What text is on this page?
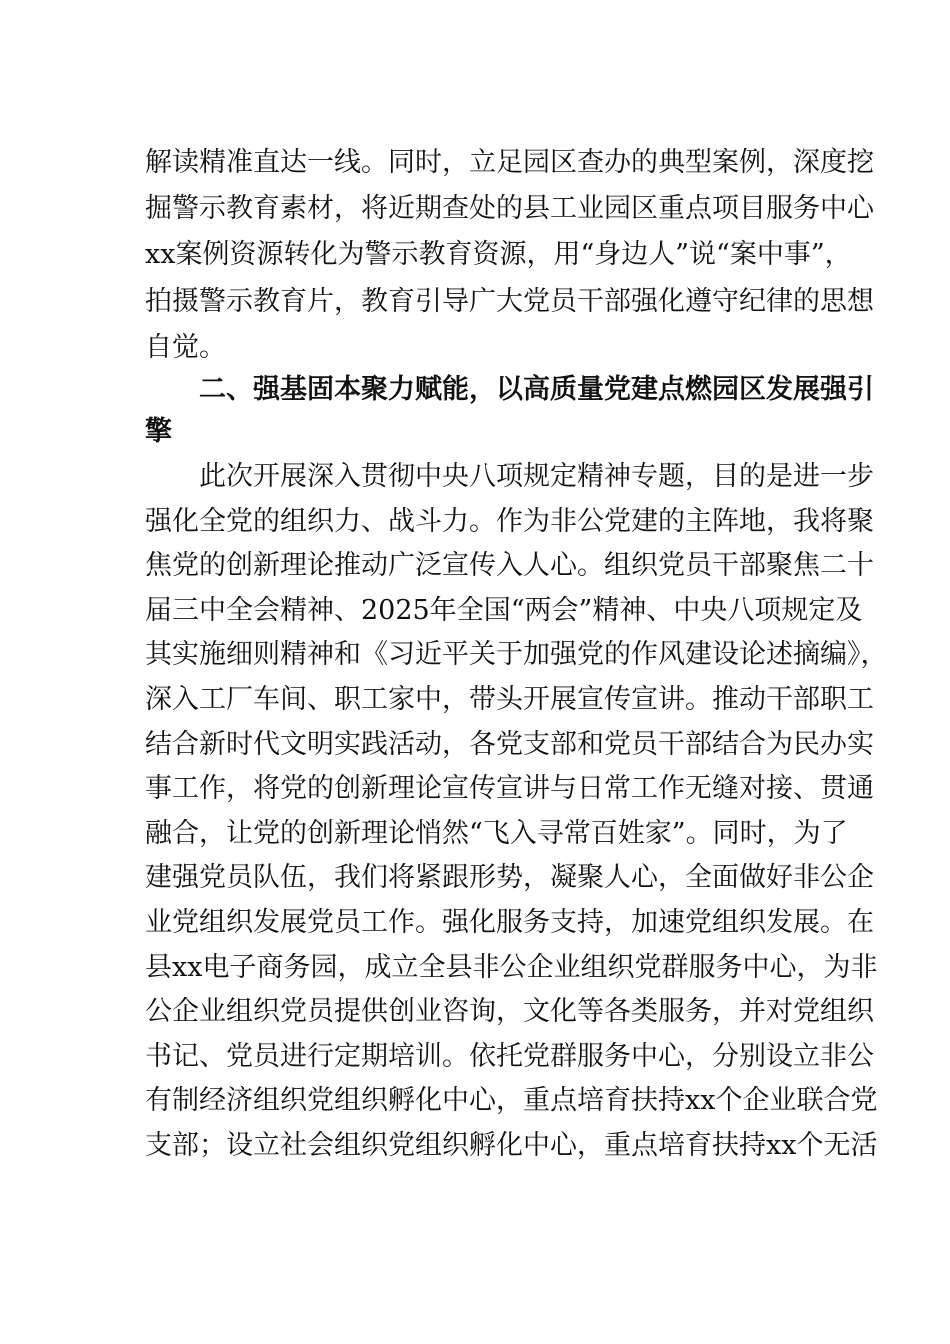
解读精准直达一线。同时，立足园区查办的典型案例，深度挖
掘警示教育素材，将近期查处的县工业园区重点项目服务中心
xx案例资源转化为警示教育资源，用“身边人”说“案中事”，
拍摄警示教育片，教育引导广大党员干部强化遵守纪律的思想
自觉。
二、强基固本聚力赋能，以高质量党建点燃园区发展强引
擎
此次开展深入贯彻中央八项规定精神专题，目的是进一步
强化全党的组织力、战斗力。作为非公党建的主阵地，我将聚
焦党的创新理论推动广泛宣传入人心。组织党员干部聚焦二十
届三中全会精神、2025年全国“两会”精神、中央八项规定及
其实施细则精神和《习近平关于加强党的作风建设论述摘编》，
深入工厂车间、职工家中，带头开展宣传宣讲。推动干部职工
结合新时代文明实践活动，各党支部和党员干部结合为民办实
事工作，将党的创新理论宣传宣讲与日常工作无缝对接、贯通
融合，让党的创新理论悄然“飞入寻常百姓家”。同时，为了
建强党员队伍，我们将紧跟形势，凝聚人心，全面做好非公企
业党组织发展党员工作。强化服务支持，加速党组织发展。在
县xx电子商务园，成立全县非公企业组织党群服务中心，为非
公企业组织党员提供创业咨询，文化等各类服务，并对党组织
书记、党员进行定期培训。依托党群服务中心，分别设立非公
有制经济组织党组织孵化中心，重点培育扶持xx个企业联合党
支部；设立社会组织党组织孵化中心，重点培育扶持xx个无活
